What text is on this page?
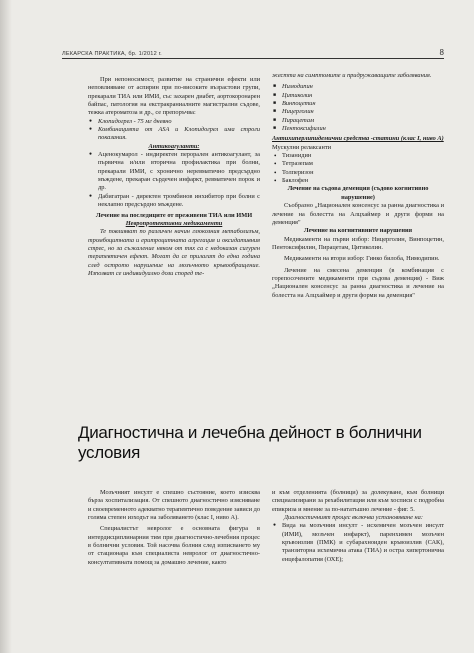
ЛЕКАРСКА ПРАКТИКА, бр. 1/2012 г.	8

При непоносимост, развитие на странични ефекти или неповлияване от аспирин при по-високите възрастови групи, прекарали ТИА или ИМИ, със захарен диабет, аортокоронарен байпас, патология на екстракраниалните магистрални съдове, тежка атероматоза и др., се препоръчва:

● Клопидогрел - 75 мг дневно

● Комбинацията от ASA и Клопидогрел има строги показания.

Антикоагуланти:

● Аценокумарол - индиректен перорален антикоагулант, за първична и/или вторична профилактика при болни, прекарали ИМИ, с хронично неревматично предсърдно мъждене, прекаран сърдечен инфаркт, ревматичен порок и др.

● Дабигатран - директен тромбинов инхибитор при болни с неклапно предсърдно мъждене.

Лечение на последиците от преживени ТИА или ИМИ

Невропротективни медикаменти

Те повлияват по различен начин глюкозния метаболизъм, тромбоцитната и еритроцитната агрегация и оксидативния стрес, но за съжаление няком от тях са с недоказан сигурен терапевтичен ефект. Могат да се прилагат до една година след острото нарушение на мозъчното кръвообращение. Изпозват се индивидуално дози според те-

жестта на симптомите и придружаващите заболявания.

■ Нимодипин

■ Цитиколин

■ Винпоцетин

■ Ницерголин

■ Пирацетам

■ Пентоксифилин

Антихиперлипидемични средства -статини (клас I, ниво А)

Мускулни релаксанти

• Тизанидин

• Тетразепам

• Толперизон

• Баклофен

Лечение на съдова деменция (съдово когнитивно нарушение)

Съобразно „Национален консенсус за ранна диагностика и лечение на болестта на Алцхаймер и други форми на деменция"

Лечение на когнитивните нарушения

Медикаменти на първи избор: Ницерголин, Винпоцетин, Пентоксифилин, Пирацетам, Цитиколин.

Медикаменти на втори избор: Гинко билоба, Нимодипин.

Лечение на смесена деменция (в комбинация с горепосочените медикаменти при съдова деменция) - Виж „Национален консенсус за ранна диагностика и лечение на болестта на Алцхаймер и други форми на деменция"

Диагностична и лечебна дейност в болнични условия

Мозъчният инсулт е спешно състояние, което изисква бърза хоспитализация. От спешното диагностично изясняване и своевременното адекватно терапевтично поведение зависи до голяма степен изходът на заболяването (клас I, ниво А).

Специалистът невролог е основната фигура в интердисциплинарния тим при диагностично-лечебния процес в болнични условия. Той насочва болния след изписването му от стационара към специалиста невролог от диагностично-консултативната помощ за домашно лечение, както

и към отделенията (болници) за долекуване, към болници специализирани за рехабилитация или към хосписи с подробна епикриза и мнение за по-нататъшно лечение - фиг. 5.

Диагностичният процес включва установяване на:

● Вида на мозъчния инсулт - исхемичен мозъчен инсулт (ИМИ), мозъчен инфаркт), паренхимен мозъчен кръвоизлив (ПМК) и субарахноиден кръвоизлив (САК), транзиторна исхемична атака (ТИА) и остра хипертонична енцефалопатия (ОХЕ);
